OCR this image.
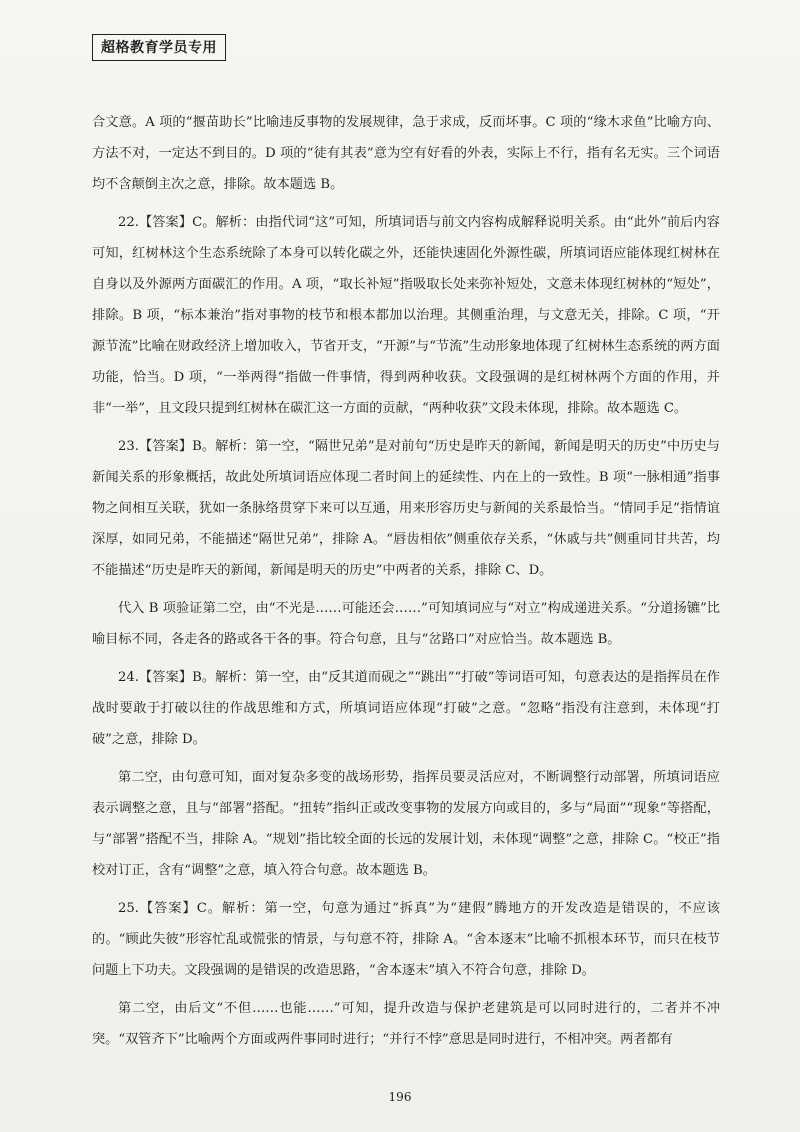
超格教育学员专用

合文意。A 项的“揠苗助长”比喻违反事物的发展规律，急于求成，反而坏事。C 项的“缘木求鱼”比喻方向、方法不对，一定达不到目的。D 项的“徒有其表”意为空有好看的外表，实际上不行，指有名无实。三个词语均不含颠倒主次之意，排除。故本题选 B。

22.【答案】C。解析：由指代词“这”可知，所填词语与前文内容构成解释说明关系。由“此外”前后内容可知，红树林这个生态系统除了本身可以转化碳之外，还能快速固化外源性碳，所填词语应能体现红树林在自身以及外源两方面碳汇的作用。A 项，“取长补短”指吸取长处来弥补短处，文意未体现红树林的“短处”，排除。B 项，“标本兼治”指对事物的枝节和根本都加以治理。其侧重治理，与文意无关，排除。C 项，“开源节流”比喻在财政经济上增加收入，节省开支，“开源”与“节流”生动形象地体现了红树林生态系统的两方面功能，恰当。D 项，“一举两得”指做一件事情，得到两种收获。文段强调的是红树林两个方面的作用，并非“一举”，且文段只提到红树林在碳汇这一方面的贡献，“两种收获”文段未体现，排除。故本题选 C。

23.【答案】B。解析：第一空，“隔世兄弟”是对前句“历史是昨天的新闻，新闻是明天的历史”中历史与新闻关系的形象概括，故此处所填词语应体现二者时间上的延续性、内在上的一致性。B 项“一脉相通”指事物之间相互关联，犹如一条脉络贯穿下来可以互通，用来形容历史与新闻的关系最恰当。“情同手足”指情谊深厚，如同兄弟，不能描述“隔世兄弟”，排除 A。“唇齿相依”侧重依存关系，“休戚与共”侧重同甘共苦，均不能描述“历史是昨天的新闻，新闻是明天的历史”中两者的关系，排除 C、D。

代入 B 项验证第二空，由“不光是……可能还会……”可知填词应与“对立”构成递进关系。“分道扬镳”比喻目标不同，各走各的路或各干各的事。符合句意，且与“岔路口”对应恰当。故本题选 B。

24.【答案】B。解析：第一空，由“反其道而砚之”“跳出”“打破”等词语可知，句意表达的是指挥员在作战时要敢于打破以往的作战思维和方式，所填词语应体现“打破”之意。“忽略”指没有注意到，未体现“打破”之意，排除 D。

第二空，由句意可知，面对复杂多变的战场形势，指挥员要灵活应对，不断调整行动部署，所填词语应表示调整之意，且与“部署”搭配。“扭转”指纠正或改变事物的发展方向或目的，多与“局面”“现象”等搭配，与“部署”搭配不当，排除 A。“规划”指比较全面的长远的发展计划，未体现“调整”之意，排除 C。“校正”指校对订正，含有“调整”之意，填入符合句意。故本题选 B。

25.【答案】C。解析：第一空，句意为通过“拆真”为“建假”腾地方的开发改造是错误的，不应该的。“顾此失彼”形容忙乱或慌张的情景，与句意不符，排除 A。“舍本逐末”比喻不抓根本环节，而只在枝节问题上下功夫。文段强调的是错误的改造思路，“舍本逐末”填入不符合句意，排除 D。

第二空，由后文“不但……也能……”可知，提升改造与保护老建筑是可以同时进行的，二者并不冲突。“双管齐下”比喻两个方面或两件事同时进行；“并行不悖”意思是同时进行，不相冲突。两者都有

196
